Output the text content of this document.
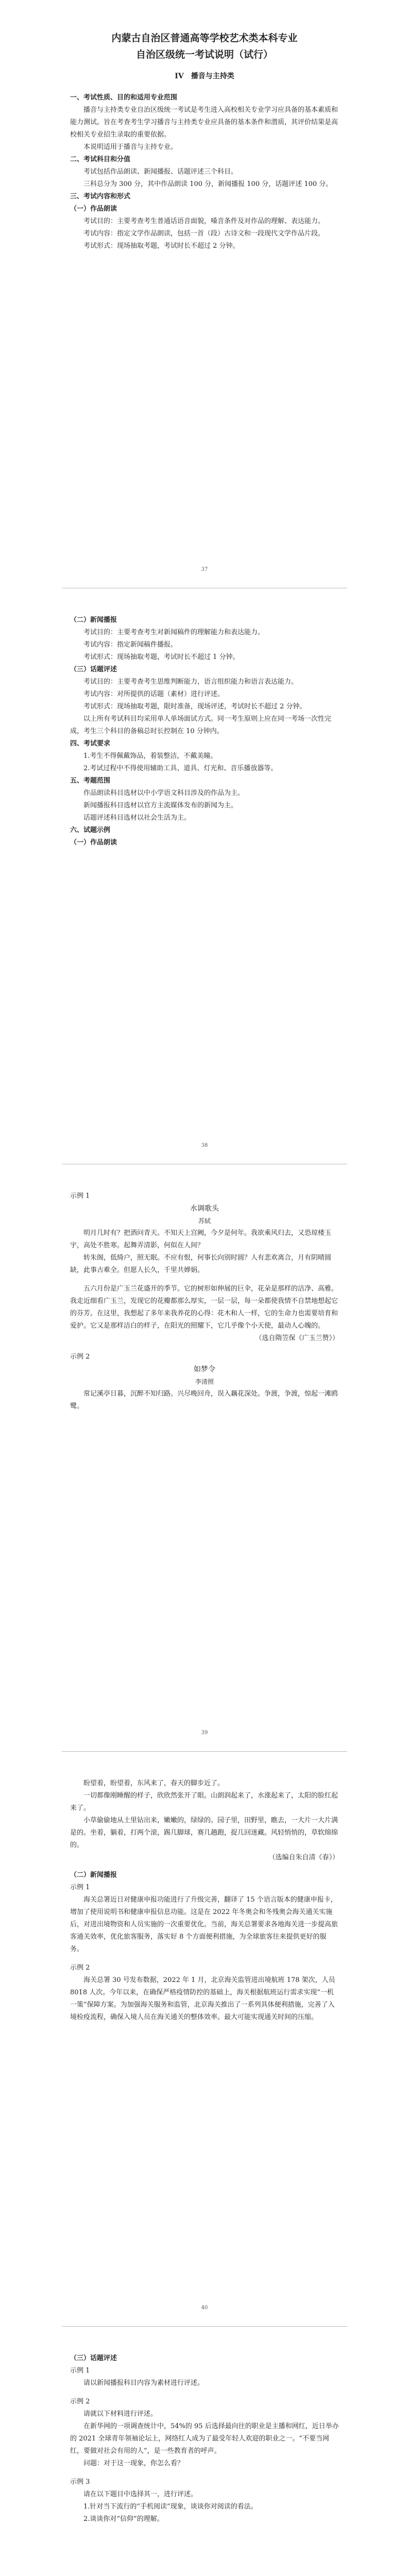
内蒙古自治区普通高等学校艺术类本科专业

自治区级统一考试说明（试行）

IV　播音与主持类

一、考试性质、目的和适用专业范围

播音与主持类专业自治区级统一考试是考生进入高校相关专业学习应具备的基本素质和能力测试。旨在考查考生学习播音与主持类专业应具备的基本条件和潜质，其评价结果是高校相关专业招生录取的重要依据。

本说明适用于播音与主持专业。

二、考试科目和分值

考试包括作品朗读、新闻播报、话题评述三个科目。

三科总分为 300 分，其中作品朗读 100 分，新闻播报 100 分，话题评述 100 分。

三、考试内容和形式

（一）作品朗读

考试目的：主要考查考生普通话语音面貌，嗓音条件及对作品的理解、表达能力。

考试内容：指定文学作品朗读，包括一首（段）古诗文和一段现代文学作品片段。

考试形式：现场抽取考题，考试时长不超过 2 分钟。

37

（二）新闻播报

考试目的：主要考查考生对新闻稿件的理解能力和表达能力。

考试内容：指定新闻稿件播报。

考试形式：现场抽取考题，考试时长不超过 1 分钟。

（三）话题评述

考试目的：主要考查考生思维判断能力，语言组织能力和语言表达能力。

考试内容：对所提供的话题（素材）进行评述。

考试形式：现场抽取考题，限时准备，现场评述，考试时长不超过 2 分钟。

以上所有考试科目均采用单人单场面试方式。同一考生原则上应在同一考场一次性完成，考生三个科目的备稿总时长控制在 10 分钟内。

四、考试要求

1.考生不得佩戴饰品，着装整洁，不戴美瞳。

2.考试过程中不得使用辅助工具、道具、灯光和、音乐播放器等。

五、考题范围

作品朗读科目选材以中小学语文科目涉及的作品为主。

新闻播报科目选材以官方主流媒体发布的新闻为主。

话题评述科目选材以社会生活为主。

六、试题示例

（一）作品朗读

38

示例 1

水调歌头

苏轼

明月几时有？把酒问青天。不知天上宫阙，今夕是何年。我欲乘风归去，又恐琼楼玉宇，高处不胜寒。起舞弄清影，何似在人间？

转朱阁，低绮户，照无眠。不应有恨，何事长向别时圆？人有悲欢离合，月有阴晴圆缺，此事古难全。但愿人长久，千里共婵娟。

五六月份是广玉兰花盛开的季节。它的树形如伸展的巨伞，花朵是那样的洁净、高雅。我走近细看广玉兰，发现它的花瓣都那么厚实，一层一层，每一朵都使我情不自禁地想起它的芬芳。在这里，我想起了多年来我养花的心得：花木和人一样，它的生命力也需要培育和爱护。它又是那样洁白的样子，在阳光的照耀下，它几乎像个小天使，最动人心魄的。

（选自隋笠保《广玉兰赞》）

示例 2

如梦令

李清照

常记溪亭日暮，沉醉不知归路。兴尽晚回舟，误入藕花深处。争渡，争渡，惊起一滩鸥鹭。

39

盼望着，盼望着，东风来了，春天的脚步近了。

一切都像刚睡醒的样子，欣欣然张开了眼。山朗润起来了，水涨起来了，太阳的脸红起来了。

小草偷偷地从土里钻出来，嫩嫩的，绿绿的。园子里，田野里，瞧去，一大片一大片满是的。坐着，躺着，打两个滚，踢几脚球，赛几趟跑，捉几回迷藏。风轻悄悄的，草软绵绵的。

（选编自朱自清《春》）

（二）新闻播报

示例 1

海关总署近日对健康申报功能进行了升级完善，翻译了 15 个语言版本的健康申报卡，增加了使用说明书和健康申报信息功能。这是在 2022 年冬奥会和冬残奥会海关通关实施后，对进出境物资和人员实施的一次重要优化。当前，海关总署要求各地海关进一步提高旅客通关效率，优化旅客服务，落实好 8 个方面便利措施，为全球旅客往来提供更好的服务。

示例 2

海关总署 30 号发布数据，2022 年 1 月，北京海关监管进出境航班 178 架次，人员 8018 人次。今年以来，在确保严格疫情防控的基础上，海关根据航班运行需求实现“一机一策”保障方案。为加强海关服务和监管，北京海关推出了一系列具体便利措施，完善了入境检疫流程，确保入境人员在海关通关的整体效率。最大可能实现通关时间的压缩。

40

（三）话题评述

示例 1

请以新闻播报科目内容为素材进行评述。

示例 2

请就以下材料进行评述。

在新华网的一项调查统计中，54%的 95 后选择最向往的职业是主播和网红，近日举办的 2021 全球青年领袖论坛上，网络红人成为了最受年轻人欢迎的职业之一。“不要当网红，要做对社会有用的人”，是一些教育者的呼声。

问题：对于这一现象，你怎么看？

示例 3

请在以下题目中选择其一，进行评述。

1.针对当下流行的“手机阅读”现象，谈谈你对阅读的看法。

2.谈谈你对“信仰”的理解。
